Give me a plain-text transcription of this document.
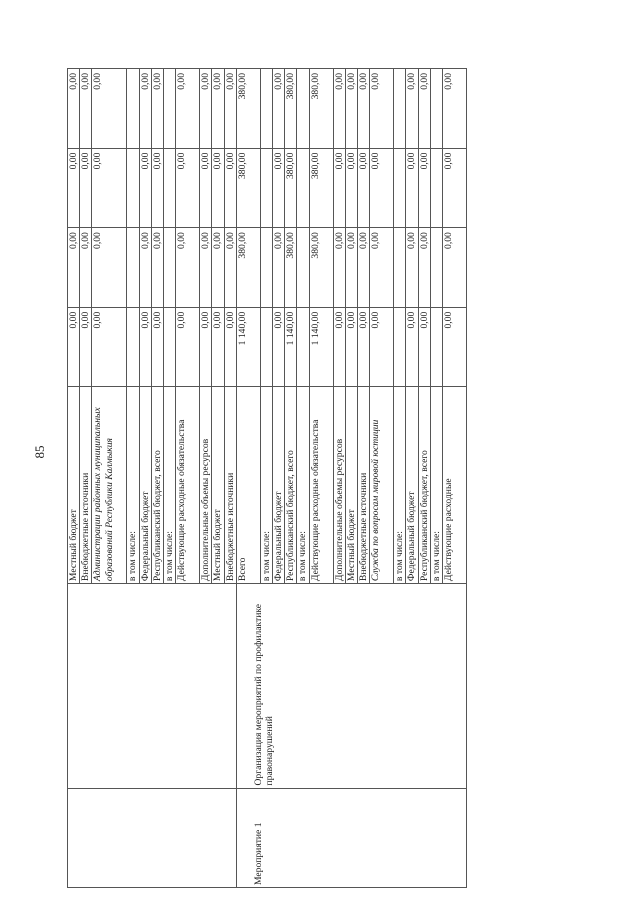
85
		Местный бюджет	0,00	0,00	0,00	0,00
		Внебюджетные источники	0,00	0,00	0,00	0,00
		Администрации районных муниципальных образований Республики Калмыкия	0,00	0,00	0,00	0,00
		в том числе:				
		Федеральный бюджет	0,00	0,00	0,00	0,00
		Республиканский бюджет, всего	0,00	0,00	0,00	0,00
		в том числе:				
		Действующие расходные обязательства	0,00	0,00	0,00	0,00
		Дополнительные объемы ресурсов	0,00	0,00	0,00	0,00
		Местный бюджет	0,00	0,00	0,00	0,00
		Внебюджетные источники	0,00	0,00	0,00	0,00

Мероприятие 1	Организация мероприятий по профилактике правонарушений	Всего	1 140,00	380,00	380,00	380,00
		в том числе:				
		Федеральный бюджет	0,00	0,00	0,00	0,00
		Республиканский бюджет, всего	1 140,00	380,00	380,00	380,00
		в том числе:				
		Действующие расходные обязательства	1 140,00	380,00	380,00	380,00
		Дополнительные объемы ресурсов	0,00	0,00	0,00	0,00
		Местный бюджет	0,00	0,00	0,00	0,00
		Внебюджетные источники	0,00	0,00	0,00	0,00
		Служба по вопросам мировой юстиции	0,00	0,00	0,00	0,00
		в том числе:				
		Федеральный бюджет	0,00	0,00	0,00	0,00
		Республиканский бюджет, всего	0,00	0,00	0,00	0,00
		в том числе:				
		Действующие расходные	0,00	0,00	0,00	0,00
